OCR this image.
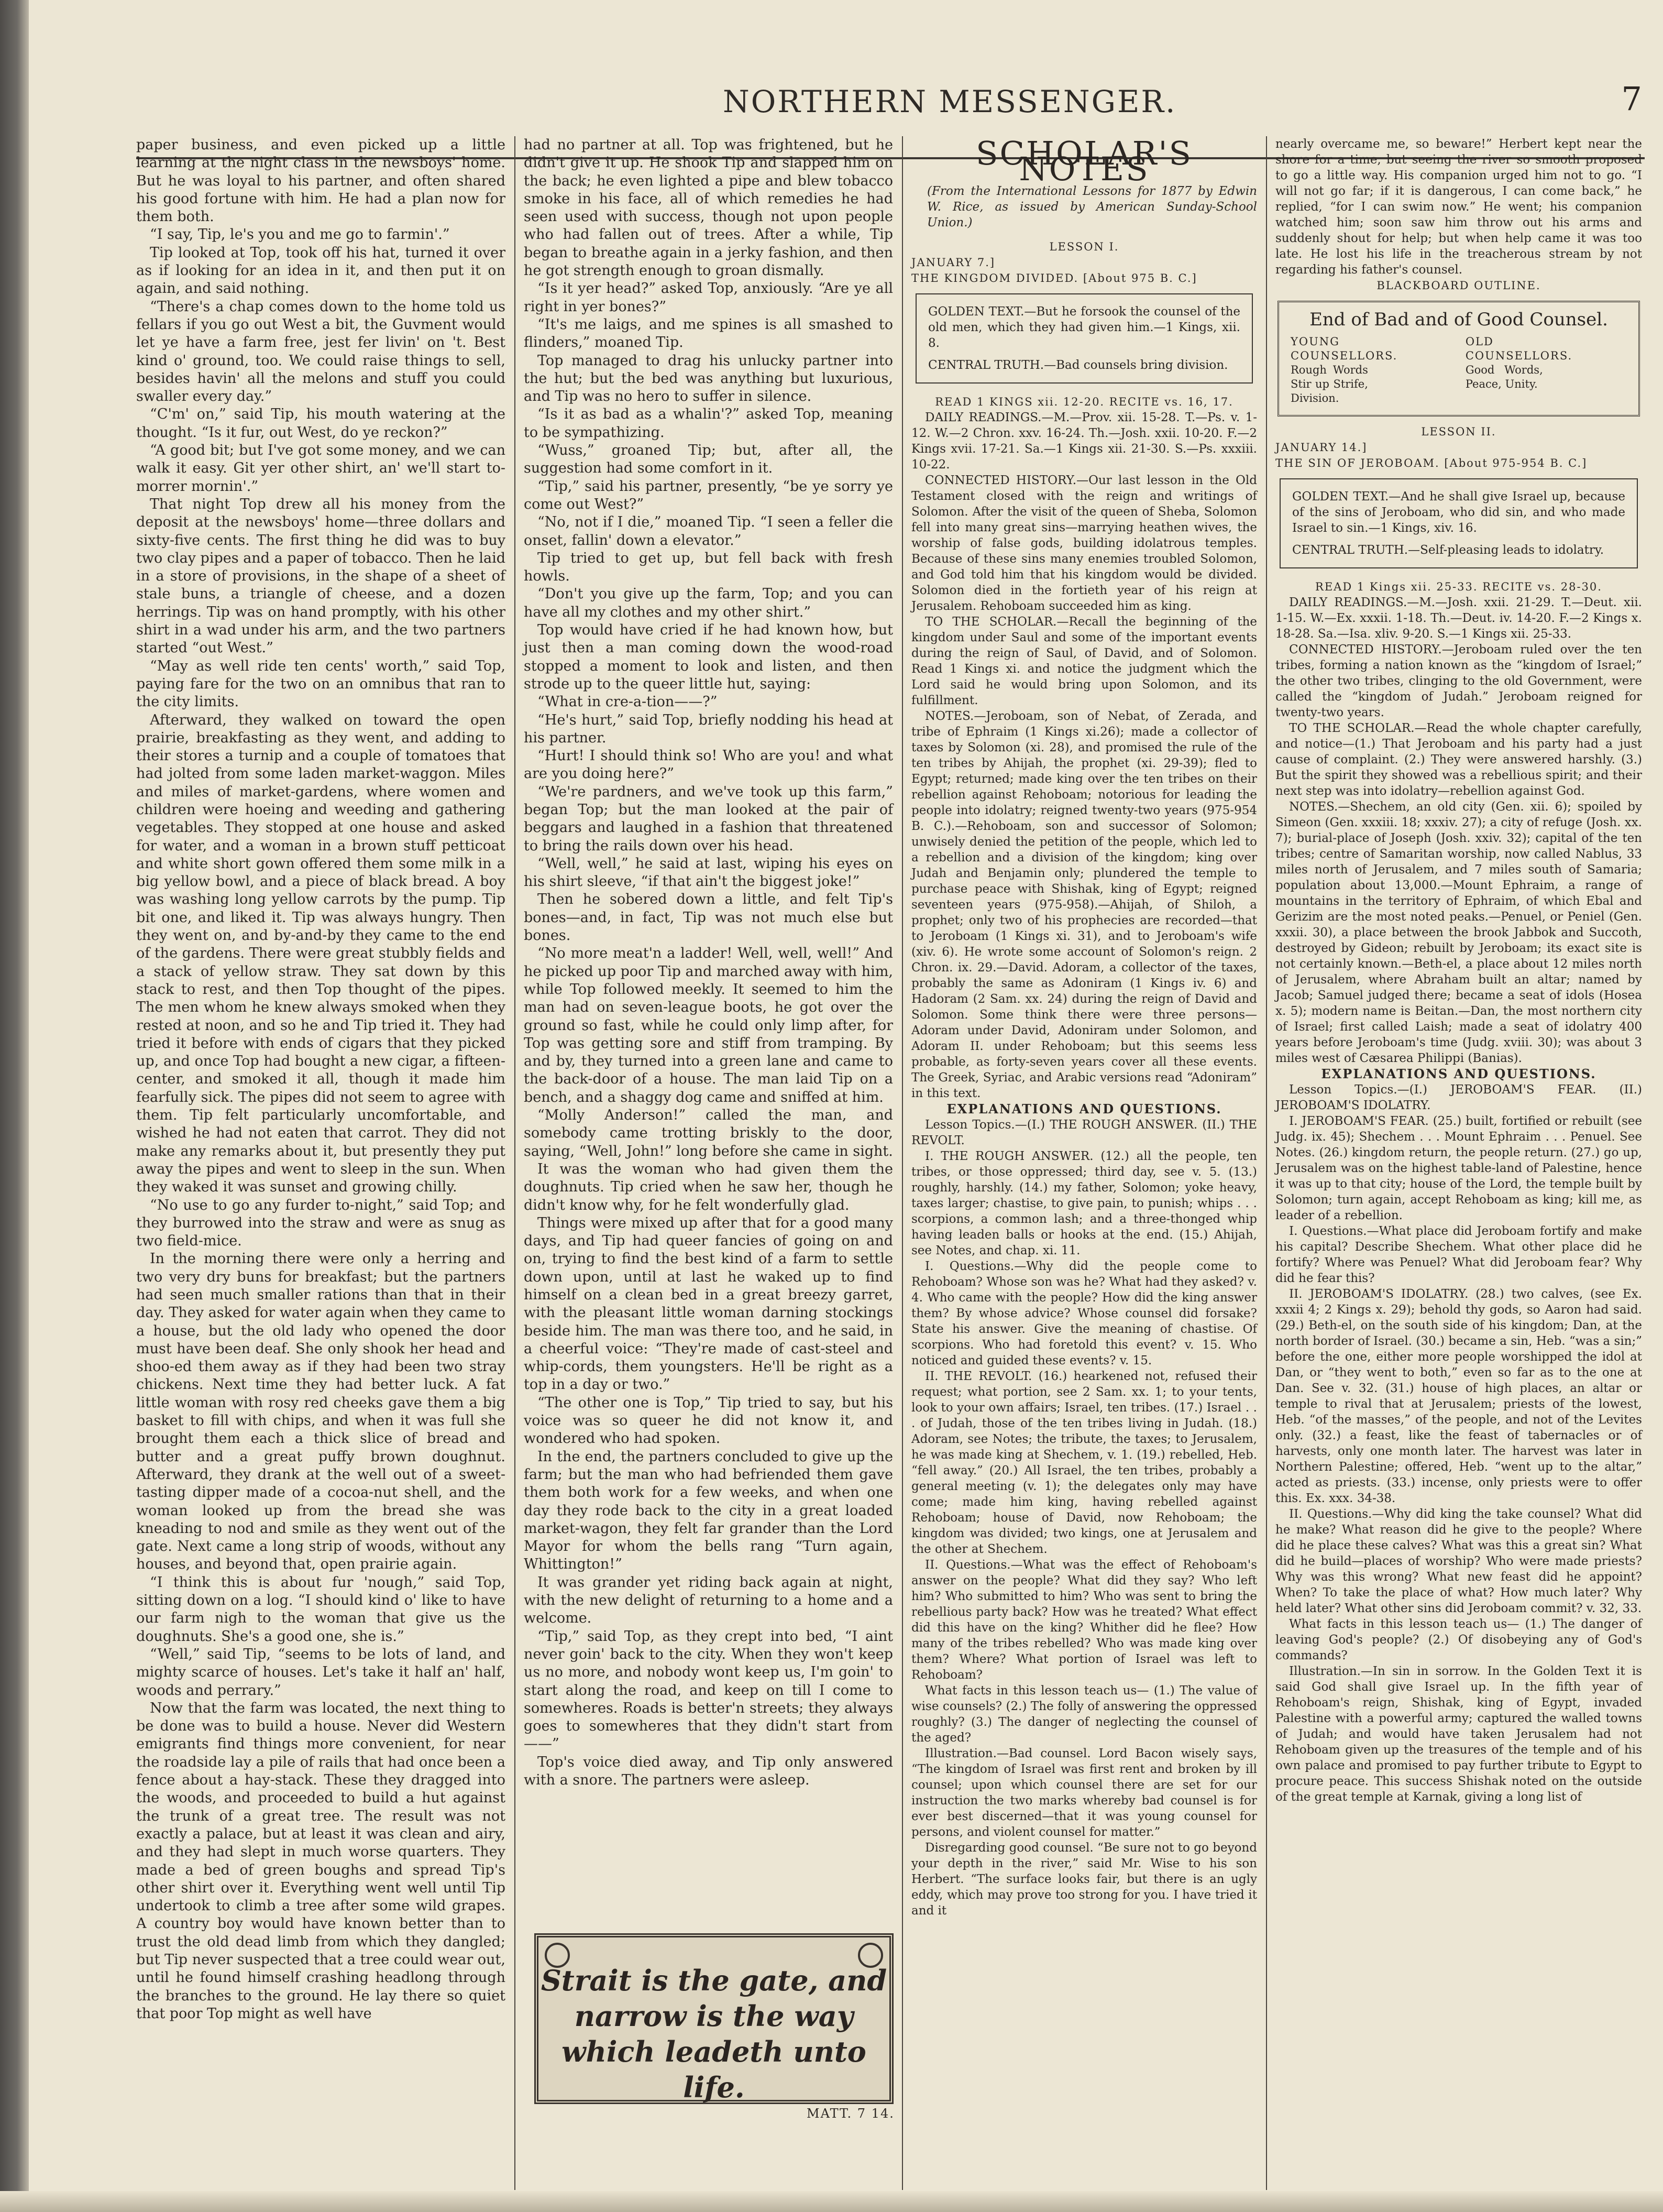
NORTHERN MESSENGER.	7

paper business, and even picked up a little learning at the night class in the newsboys' home. But he was loyal to his partner, and often shared his good fortune with him. He had a plan now for them both.

“I say, Tip, le's you and me go to farmin'.”

Tip looked at Top, took off his hat, turned it over as if looking for an idea in it, and then put it on again, and said nothing.

“There's a chap comes down to the home told us fellars if you go out West a bit, the Guvment would let ye have a farm free, jest fer livin' on 't. Best kind o' ground, too. We could raise things to sell, besides havin' all the melons and stuff you could swaller every day.”

“C'm' on,” said Tip, his mouth watering at the thought. “Is it fur, out West, do ye reckon?”

“A good bit; but I've got some money, and we can walk it easy. Git yer other shirt, an' we'll start to-morrer mornin'.”

That night Top drew all his money from the deposit at the newsboys' home—three dollars and sixty-five cents. The first thing he did was to buy two clay pipes and a paper of tobacco. Then he laid in a store of provisions, in the shape of a sheet of stale buns, a triangle of cheese, and a dozen herrings. Tip was on hand promptly, with his other shirt in a wad under his arm, and the two partners started “out West.”

“May as well ride ten cents' worth,” said Top, paying fare for the two on an omnibus that ran to the city limits.

Afterward, they walked on toward the open prairie, breakfasting as they went, and adding to their stores a turnip and a couple of tomatoes that had jolted from some laden market-waggon. Miles and miles of market-gardens, where women and children were hoeing and weeding and gathering vegetables. They stopped at one house and asked for water, and a woman in a brown stuff petticoat and white short gown offered them some milk in a big yellow bowl, and a piece of black bread. A boy was washing long yellow carrots by the pump. Tip bit one, and liked it. Tip was always hungry. Then they went on, and by-and-by they came to the end of the gardens. There were great stubbly fields and a stack of yellow straw. They sat down by this stack to rest, and then Top thought of the pipes. The men whom he knew always smoked when they rested at noon, and so he and Tip tried it. They had tried it before with ends of cigars that they picked up, and once Top had bought a new cigar, a fifteen-center, and smoked it all, though it made him fearfully sick. The pipes did not seem to agree with them. Tip felt particularly uncomfortable, and wished he had not eaten that carrot. They did not make any remarks about it, but presently they put away the pipes and went to sleep in the sun. When they waked it was sunset and growing chilly.

“No use to go any furder to-night,” said Top; and they burrowed into the straw and were as snug as two field-mice.

In the morning there were only a herring and two very dry buns for breakfast; but the partners had seen much smaller rations than that in their day. They asked for water again when they came to a house, but the old lady who opened the door must have been deaf. She only shook her head and shoo-ed them away as if they had been two stray chickens. Next time they had better luck. A fat little woman with rosy red cheeks gave them a big basket to fill with chips, and when it was full she brought them each a thick slice of bread and butter and a great puffy brown doughnut. Afterward, they drank at the well out of a sweet-tasting dipper made of a cocoa-nut shell, and the woman looked up from the bread she was kneading to nod and smile as they went out of the gate. Next came a long strip of woods, without any houses, and beyond that, open prairie again.

“I think this is about fur 'nough,” said Top, sitting down on a log. “I should kind o' like to have our farm nigh to the woman that give us the doughnuts. She's a good one, she is.”

“Well,” said Tip, “seems to be lots of land, and mighty scarce of houses. Let's take it half an' half, woods and perrary.”

Now that the farm was located, the next thing to be done was to build a house. Never did Western emigrants find things more convenient, for near the roadside lay a pile of rails that had once been a fence about a hay-stack. These they dragged into the woods, and proceeded to build a hut against the trunk of a great tree. The result was not exactly a palace, but at least it was clean and airy, and they had slept in much worse quarters. They made a bed of green boughs and spread Tip's other shirt over it. Everything went well until Tip undertook to climb a tree after some wild grapes. A country boy would have known better than to trust the old dead limb from which they dangled; but Tip never suspected that a tree could wear out, until he found himself crashing headlong through the branches to the ground. He lay there so quiet that poor Top might as well have

had no partner at all. Top was frightened, but he didn't give it up. He shook Tip and slapped him on the back; he even lighted a pipe and blew tobacco smoke in his face, all of which remedies he had seen used with success, though not upon people who had fallen out of trees. After a while, Tip began to breathe again in a jerky fashion, and then he got strength enough to groan dismally.

“Is it yer head?” asked Top, anxiously. “Are ye all right in yer bones?”

“It's me laigs, and me spines is all smashed to flinders,” moaned Tip.

Top managed to drag his unlucky partner into the hut; but the bed was anything but luxurious, and Tip was no hero to suffer in silence.

“Is it as bad as a whalin'?” asked Top, meaning to be sympathizing.

“Wuss,” groaned Tip; but, after all, the suggestion had some comfort in it.

“Tip,” said his partner, presently, “be ye sorry ye come out West?”

“No, not if I die,” moaned Tip. “I seen a feller die onset, fallin' down a elevator.”

Tip tried to get up, but fell back with fresh howls.

“Don't you give up the farm, Top; and you can have all my clothes and my other shirt.”

Top would have cried if he had known how, but just then a man coming down the wood-road stopped a moment to look and listen, and then strode up to the queer little hut, saying:

“What in cre-a-tion——?”

“He's hurt,” said Top, briefly nodding his head at his partner.

“Hurt! I should think so! Who are you! and what are you doing here?”

“We're pardners, and we've took up this farm,” began Top; but the man looked at the pair of beggars and laughed in a fashion that threatened to bring the rails down over his head.

“Well, well,” he said at last, wiping his eyes on his shirt sleeve, “if that ain't the biggest joke!”

Then he sobered down a little, and felt Tip's bones—and, in fact, Tip was not much else but bones.

“No more meat'n a ladder! Well, well, well!” And he picked up poor Tip and marched away with him, while Top followed meekly. It seemed to him the man had on seven-league boots, he got over the ground so fast, while he could only limp after, for Top was getting sore and stiff from tramping. By and by, they turned into a green lane and came to the back-door of a house. The man laid Tip on a bench, and a shaggy dog came and sniffed at him.

“Molly Anderson!” called the man, and somebody came trotting briskly to the door, saying, “Well, John!” long before she came in sight.

It was the woman who had given them the doughnuts. Tip cried when he saw her, though he didn't know why, for he felt wonderfully glad.

Things were mixed up after that for a good many days, and Tip had queer fancies of going on and on, trying to find the best kind of a farm to settle down upon, until at last he waked up to find himself on a clean bed in a great breezy garret, with the pleasant little woman darning stockings beside him. The man was there too, and he said, in a cheerful voice: “They're made of cast-steel and whip-cords, them youngsters. He'll be right as a top in a day or two.”

“The other one is Top,” Tip tried to say, but his voice was so queer he did not know it, and wondered who had spoken.

In the end, the partners concluded to give up the farm; but the man who had befriended them gave them both work for a few weeks, and when one day they rode back to the city in a great loaded market-wagon, they felt far grander than the Lord Mayor for whom the bells rang “Turn again, Whittington!”

It was grander yet riding back again at night, with the new delight of returning to a home and a welcome.

“Tip,” said Top, as they crept into bed, “I aint never goin' back to the city. When they won't keep us no more, and nobody wont keep us, I'm goin' to start along the road, and keep on till I come to somewheres. Roads is better'n streets; they always goes to somewheres that they didn't start from——”

Top's voice died away, and Tip only answered with a snore. The partners were asleep.

Strait is the gate, and narrow is the way which leadeth unto life.
MATT. 7 14.
SCHOLAR'S NOTES

(From the International Lessons for 1877 by Edwin W. Rice, as issued by American Sunday-School Union.)

LESSON I.

JANUARY 7.]

THE KINGDOM DIVIDED. [About 975 B. C.]

GOLDEN TEXT.—But he forsook the counsel of the old men, which they had given him.—1 Kings, xii. 8.

CENTRAL TRUTH.—Bad counsels bring division.

READ 1 KINGS xii. 12-20. RECITE vs. 16, 17.

DAILY READINGS.—M.—Prov. xii. 15-28. T.—Ps. v. 1-12. W.—2 Chron. xxv. 16-24. Th.—Josh. xxii. 10-20. F.—2 Kings xvii. 17-21. Sa.—1 Kings xii. 21-30. S.—Ps. xxxiii. 10-22.

CONNECTED HISTORY.—Our last lesson in the Old Testament closed with the reign and writings of Solomon. After the visit of the queen of Sheba, Solomon fell into many great sins—marrying heathen wives, the worship of false gods, building idolatrous temples. Because of these sins many enemies troubled Solomon, and God told him that his kingdom would be divided. Solomon died in the fortieth year of his reign at Jerusalem. Rehoboam succeeded him as king.

TO THE SCHOLAR.—Recall the beginning of the kingdom under Saul and some of the important events during the reign of Saul, of David, and of Solomon. Read 1 Kings xi. and notice the judgment which the Lord said he would bring upon Solomon, and its fulfillment.

NOTES.—Jeroboam, son of Nebat, of Zerada, and tribe of Ephraim (1 Kings xi.26); made a collector of taxes by Solomon (xi. 28), and promised the rule of the ten tribes by Ahijah, the prophet (xi. 29-39); fled to Egypt; returned; made king over the ten tribes on their rebellion against Rehoboam; notorious for leading the people into idolatry; reigned twenty-two years (975-954 B. C.).—Rehoboam, son and successor of Solomon; unwisely denied the petition of the people, which led to a rebellion and a division of the kingdom; king over Judah and Benjamin only; plundered the temple to purchase peace with Shishak, king of Egypt; reigned seventeen years (975-958).—Ahijah, of Shiloh, a prophet; only two of his prophecies are recorded—that to Jeroboam (1 Kings xi. 31), and to Jeroboam's wife (xiv. 6). He wrote some account of Solomon's reign. 2 Chron. ix. 29.—David. Adoram, a collector of the taxes, probably the same as Adoniram (1 Kings iv. 6) and Hadoram (2 Sam. xx. 24) during the reign of David and Solomon. Some think there were three persons—Adoram under David, Adoniram under Solomon, and Adoram II. under Rehoboam; but this seems less probable, as forty-seven years cover all these events. The Greek, Syriac, and Arabic versions read “Adoniram” in this text.

EXPLANATIONS AND QUESTIONS.

Lesson Topics.—(I.) THE ROUGH ANSWER. (II.) THE REVOLT.

I. THE ROUGH ANSWER. (12.) all the people, ten tribes, or those oppressed; third day, see v. 5. (13.) roughly, harshly. (14.) my father, Solomon; yoke heavy, taxes larger; chastise, to give pain, to punish; whips . . . scorpions, a common lash; and a three-thonged whip having leaden balls or hooks at the end. (15.) Ahijah, see Notes, and chap. xi. 11.

I. Questions.—Why did the people come to Rehoboam? Whose son was he? What had they asked? v. 4. Who came with the people? How did the king answer them? By whose advice? Whose counsel did forsake? State his answer. Give the meaning of chastise. Of scorpions. Who had foretold this event? v. 15. Who noticed and guided these events? v. 15.

II. THE REVOLT. (16.) hearkened not, refused their request; what portion, see 2 Sam. xx. 1; to your tents, look to your own affairs; Israel, ten tribes. (17.) Israel . . . of Judah, those of the ten tribes living in Judah. (18.) Adoram, see Notes; the tribute, the taxes; to Jerusalem, he was made king at Shechem, v. 1. (19.) rebelled, Heb. “fell away.” (20.) All Israel, the ten tribes, probably a general meeting (v. 1); the delegates only may have come; made him king, having rebelled against Rehoboam; house of David, now Rehoboam; the kingdom was divided; two kings, one at Jerusalem and the other at Shechem.

II. Questions.—What was the effect of Rehoboam's answer on the people? What did they say? Who left him? Who submitted to him? Who was sent to bring the rebellious party back? How was he treated? What effect did this have on the king? Whither did he flee? How many of the tribes rebelled? Who was made king over them? Where? What portion of Israel was left to Rehoboam?

What facts in this lesson teach us— (1.) The value of wise counsels? (2.) The folly of answering the oppressed roughly? (3.) The danger of neglecting the counsel of the aged?

Illustration.—Bad counsel. Lord Bacon wisely says, “The kingdom of Israel was first rent and broken by ill counsel; upon which counsel there are set for our instruction the two marks whereby bad counsel is for ever best discerned—that it was young counsel for persons, and violent counsel for matter.”

Disregarding good counsel. “Be sure not to go beyond your depth in the river,” said Mr. Wise to his son Herbert. “The surface looks fair, but there is an ugly eddy, which may prove too strong for you. I have tried it and it

nearly overcame me, so beware!” Herbert kept near the shore for a time, but seeing the river so smooth proposed to go a little way. His companion urged him not to go. “I will not go far; if it is dangerous, I can come back,” he replied, “for I can swim now.” He went; his companion watched him; soon saw him throw out his arms and suddenly shout for help; but when help came it was too late. He lost his life in the treacherous stream by not regarding his father's counsel.

BLACKBOARD OUTLINE.

End of Bad and of Good Counsel.
YOUNG COUNSELLORS.
Rough Words Stir up Strife, Division.
OLD COUNSELLORS.
Good Words, Peace, Unity.

LESSON II.

JANUARY 14.]

THE SIN OF JEROBOAM. [About 975-954 B. C.]

GOLDEN TEXT.—And he shall give Israel up, because of the sins of Jeroboam, who did sin, and who made Israel to sin.—1 Kings, xiv. 16.

CENTRAL TRUTH.—Self-pleasing leads to idolatry.

READ 1 Kings xii. 25-33. RECITE vs. 28-30.

DAILY READINGS.—M.—Josh. xxii. 21-29. T.—Deut. xii. 1-15. W.—Ex. xxxii. 1-18. Th.—Deut. iv. 14-20. F.—2 Kings x. 18-28. Sa.—Isa. xliv. 9-20. S.—1 Kings xii. 25-33.

CONNECTED HISTORY.—Jeroboam ruled over the ten tribes, forming a nation known as the “kingdom of Israel;” the other two tribes, clinging to the old Government, were called the “kingdom of Judah.” Jeroboam reigned for twenty-two years.

TO THE SCHOLAR.—Read the whole chapter carefully, and notice—(1.) That Jeroboam and his party had a just cause of complaint. (2.) They were answered harshly. (3.) But the spirit they showed was a rebellious spirit; and their next step was into idolatry—rebellion against God.

NOTES.—Shechem, an old city (Gen. xii. 6); spoiled by Simeon (Gen. xxxiii. 18; xxxiv. 27); a city of refuge (Josh. xx. 7); burial-place of Joseph (Josh. xxiv. 32); capital of the ten tribes; centre of Samaritan worship, now called Nablus, 33 miles north of Jerusalem, and 7 miles south of Samaria; population about 13,000.—Mount Ephraim, a range of mountains in the territory of Ephraim, of which Ebal and Gerizim are the most noted peaks.—Penuel, or Peniel (Gen. xxxii. 30), a place between the brook Jabbok and Succoth, destroyed by Gideon; rebuilt by Jeroboam; its exact site is not certainly known.—Beth-el, a place about 12 miles north of Jerusalem, where Abraham built an altar; named by Jacob; Samuel judged there; became a seat of idols (Hosea x. 5); modern name is Beitan.—Dan, the most northern city of Israel; first called Laish; made a seat of idolatry 400 years before Jeroboam's time (Judg. xviii. 30); was about 3 miles west of Cæsarea Philippi (Banias).

EXPLANATIONS AND QUESTIONS.

Lesson Topics.—(I.) JEROBOAM'S FEAR. (II.) JEROBOAM'S IDOLATRY.

I. JEROBOAM'S FEAR. (25.) built, fortified or rebuilt (see Judg. ix. 45); Shechem . . . Mount Ephraim . . . Penuel. See Notes. (26.) kingdom return, the people return. (27.) go up, Jerusalem was on the highest table-land of Palestine, hence it was up to that city; house of the Lord, the temple built by Solomon; turn again, accept Rehoboam as king; kill me, as leader of a rebellion.

I. Questions.—What place did Jeroboam fortify and make his capital? Describe Shechem. What other place did he fortify? Where was Penuel? What did Jeroboam fear? Why did he fear this?

II. JEROBOAM'S IDOLATRY. (28.) two calves, (see Ex. xxxii 4; 2 Kings x. 29); behold thy gods, so Aaron had said. (29.) Beth-el, on the south side of his kingdom; Dan, at the north border of Israel. (30.) became a sin, Heb. “was a sin;” before the one, either more people worshipped the idol at Dan, or “they went to both,” even so far as to the one at Dan. See v. 32. (31.) house of high places, an altar or temple to rival that at Jerusalem; priests of the lowest, Heb. “of the masses,” of the people, and not of the Levites only. (32.) a feast, like the feast of tabernacles or of harvests, only one month later. The harvest was later in Northern Palestine; offered, Heb. “went up to the altar,” acted as priests. (33.) incense, only priests were to offer this. Ex. xxx. 34-38.

II. Questions.—Why did king the take counsel? What did he make? What reason did he give to the people? Where did he place these calves? What was this a great sin? What did he build—places of worship? Who were made priests? Why was this wrong? What new feast did he appoint? When? To take the place of what? How much later? Why held later? What other sins did Jeroboam commit? v. 32, 33.

What facts in this lesson teach us— (1.) The danger of leaving God's people? (2.) Of disobeying any of God's commands?

Illustration.—In sin in sorrow. In the Golden Text it is said God shall give Israel up. In the fifth year of Rehoboam's reign, Shishak, king of Egypt, invaded Palestine with a powerful army; captured the walled towns of Judah; and would have taken Jerusalem had not Rehoboam given up the treasures of the temple and of his own palace and promised to pay further tribute to Egypt to procure peace. This success Shishak noted on the outside of the great temple at Karnak, giving a long list of
